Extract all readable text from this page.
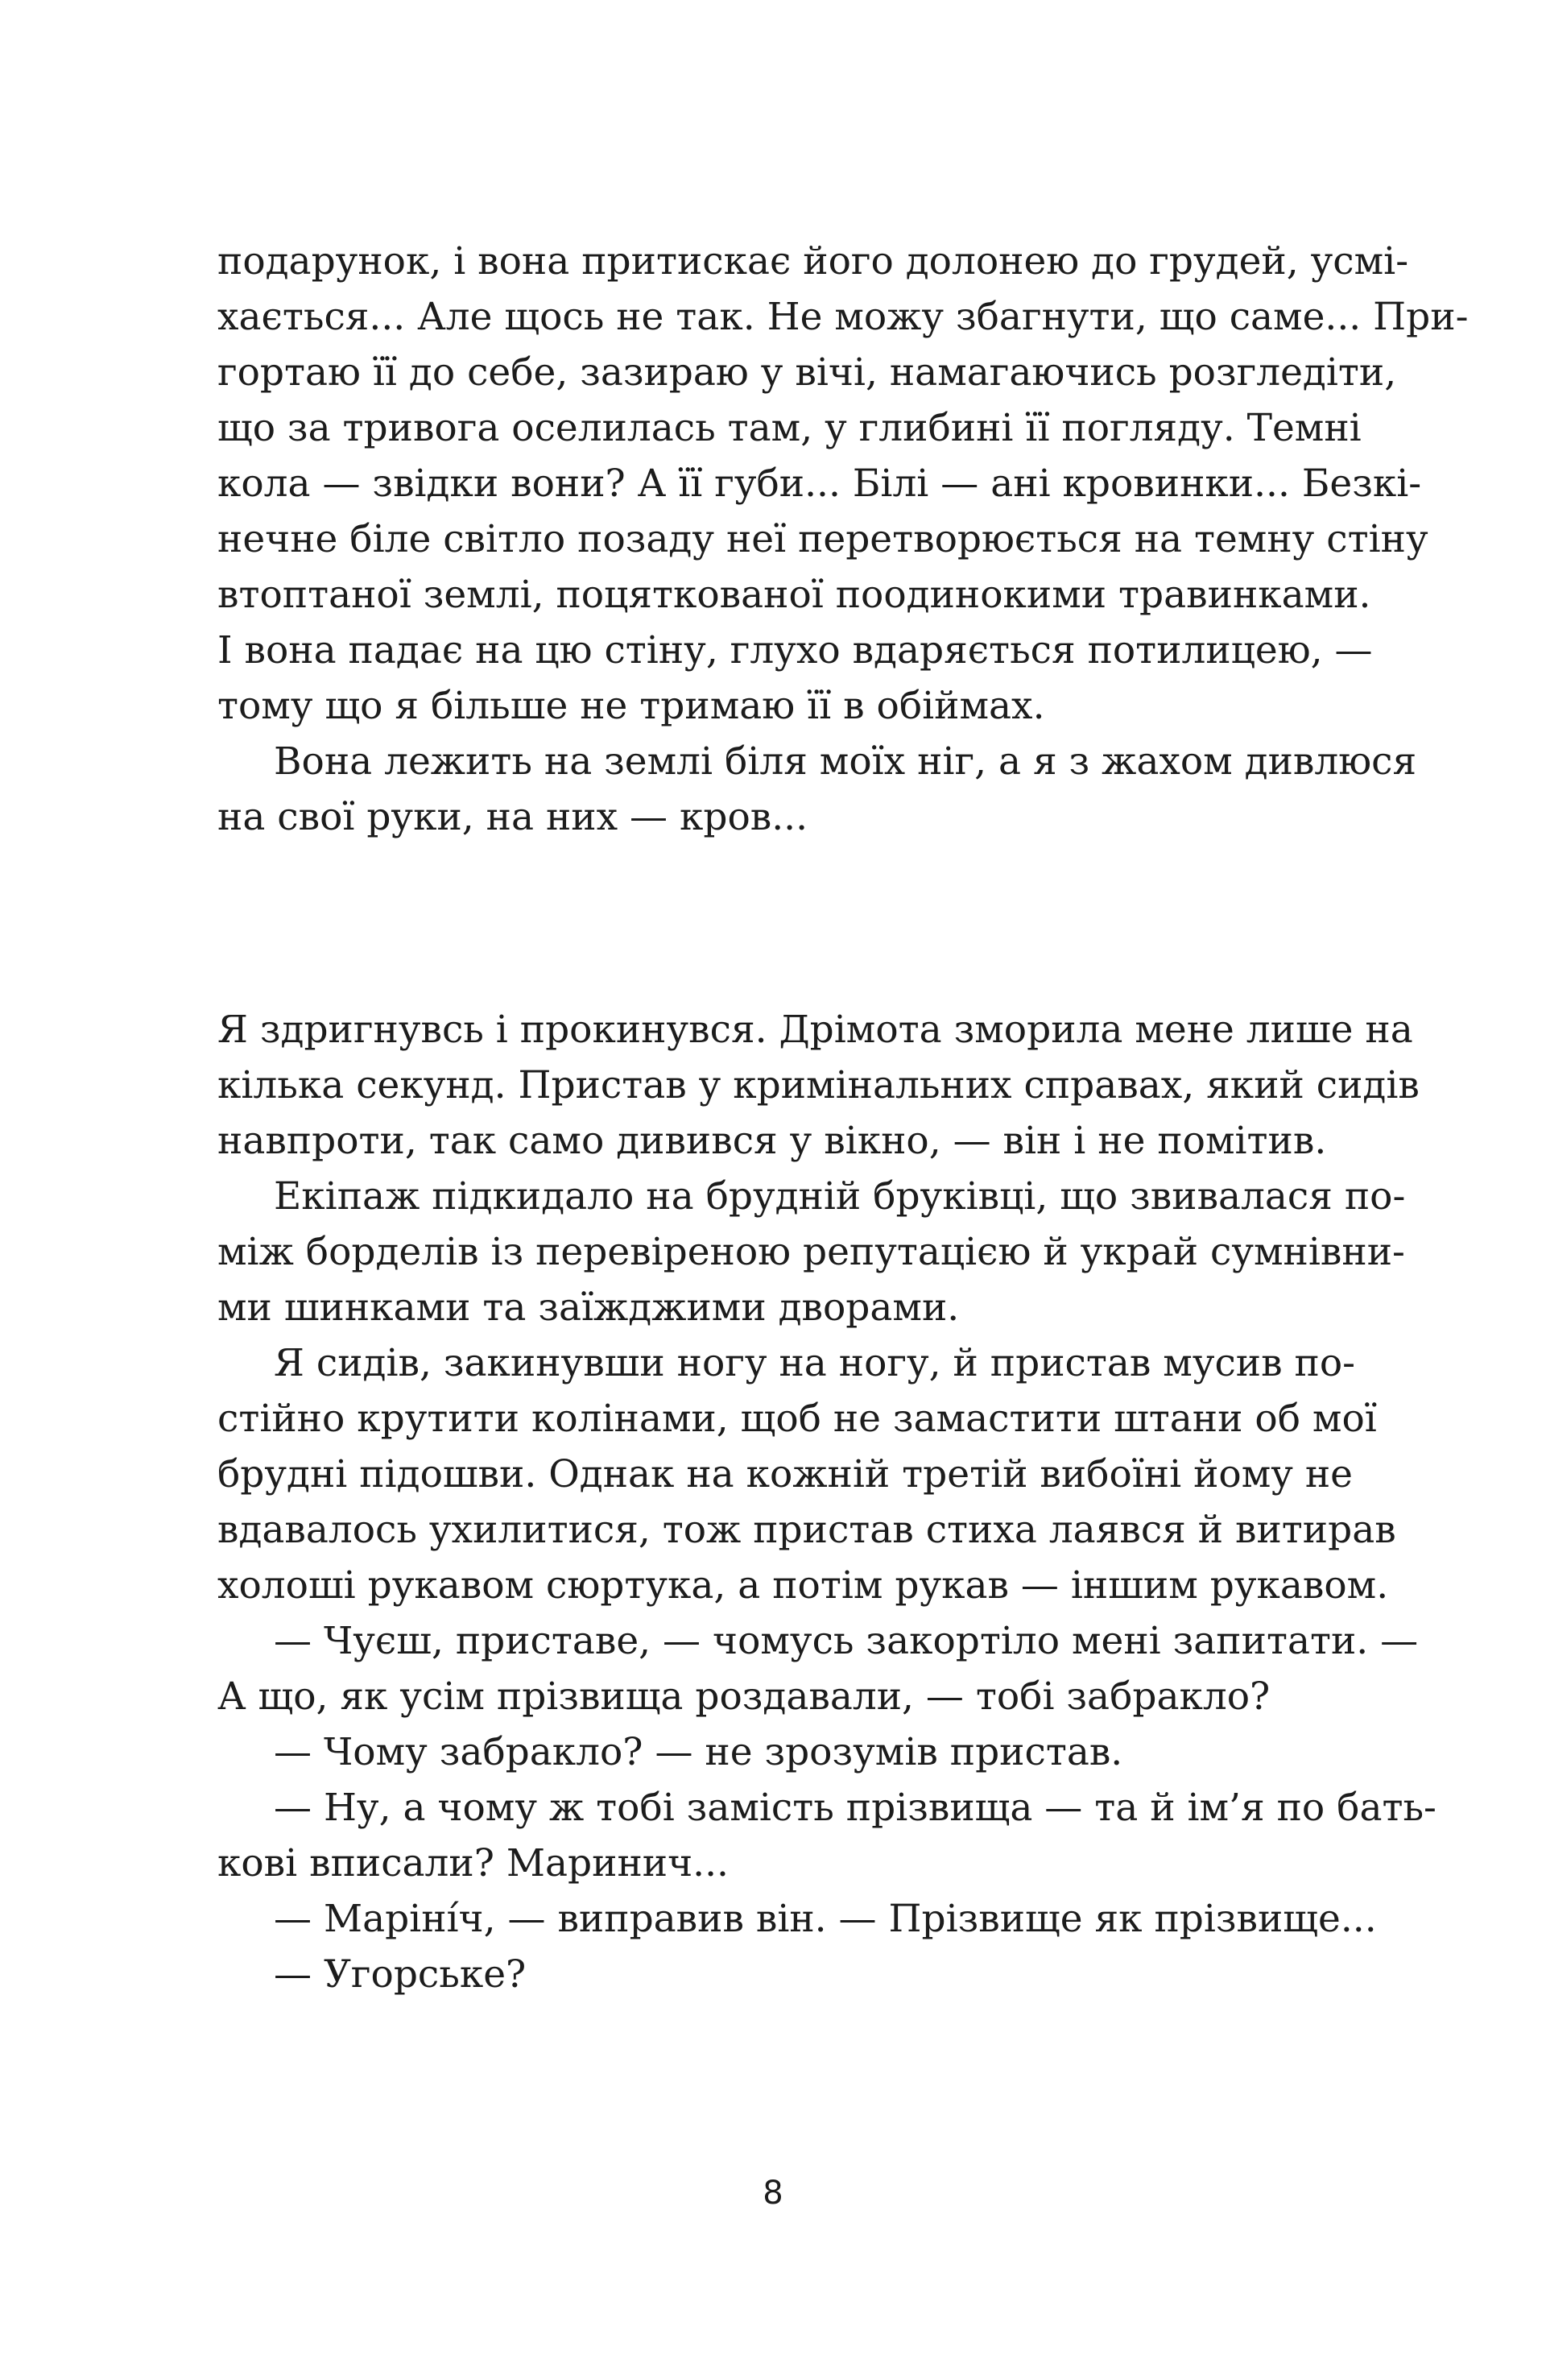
подарунок, і вона притискає його долонею до грудей, усмі-
хається... Але щось не так. Не можу збагнути, що саме... При-
гортаю її до себе, зазираю у вічі, намагаючись розгледіти,
що за тривога оселилась там, у глибині її погляду. Темні
кола — звідки вони? А її губи... Білі — ані кровинки... Безкі-
нечне біле світло позаду неї перетворюється на темну стіну
втоптаної землі, поцяткованої поодинокими травинками.
І вона падає на цю стіну, глухо вдаряється потилицею, —
тому що я більше не тримаю її в обіймах.
Вона лежить на землі біля моїх ніг, а я з жахом дивлюся
на свої руки, на них — кров...
Я здригнувсь і прокинувся. Дрімота зморила мене лише на
кілька секунд. Пристав у кримінальних справах, який сидів
навпроти, так само дивився у вікно, — він і не помітив.
Екіпаж підкидало на брудній бруківці, що звивалася по-
між борделів із перевіреною репутацією й украй сумнівни-
ми шинками та заїжджими дворами.
Я сидів, закинувши ногу на ногу, й пристав мусив по-
стійно крутити колінами, щоб не замастити штани об мої
брудні підошви. Однак на кожній третій вибоїні йому не
вдавалось ухилитися, тож пристав стиха лаявся й витирав
холоші рукавом сюртука, а потім рукав — іншим рукавом.
— Чуєш, приставе, — чомусь закортіло мені запитати. —
А що, як усім прізвища роздавали, — тобі забракло?
— Чому забракло? — не зрозумів пристав.
— Ну, а чому ж тобі замість прізвища — та й ім’я по бать-
кові вписали? Маринич...
— Маріні́ч, — виправив він. — Прізвище як прізвище...
— Угорське?
8
